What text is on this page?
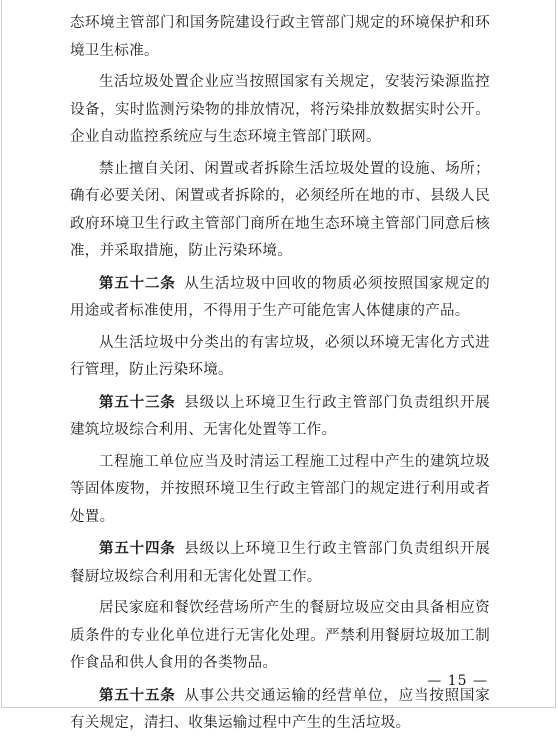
态环境主管部门和国务院建设行政主管部门规定的环境保护和环境卫生标准。

生活垃圾处置企业应当按照国家有关规定，安装污染源监控设备，实时监测污染物的排放情况，将污染排放数据实时公开。企业自动监控系统应与生态环境主管部门联网。

禁止擅自关闭、闲置或者拆除生活垃圾处置的设施、场所；确有必要关闭、闲置或者拆除的，必须经所在地的市、县级人民政府环境卫生行政主管部门商所在地生态环境主管部门同意后核准，并采取措施，防止污染环境。

第五十二条 从生活垃圾中回收的物质必须按照国家规定的用途或者标准使用，不得用于生产可能危害人体健康的产品。

从生活垃圾中分类出的有害垃圾，必须以环境无害化方式进行管理，防止污染环境。

第五十三条 县级以上环境卫生行政主管部门负责组织开展建筑垃圾综合利用、无害化处置等工作。

工程施工单位应当及时清运工程施工过程中产生的建筑垃圾等固体废物，并按照环境卫生行政主管部门的规定进行利用或者处置。

第五十四条 县级以上环境卫生行政主管部门负责组织开展餐厨垃圾综合利用和无害化处置工作。

居民家庭和餐饮经营场所产生的餐厨垃圾应交由具备相应资质条件的专业化单位进行无害化处理。严禁利用餐厨垃圾加工制作食品和供人食用的各类物品。

第五十五条 从事公共交通运输的经营单位，应当按照国家有关规定，清扫、收集运输过程中产生的生活垃圾。

— 15 —
